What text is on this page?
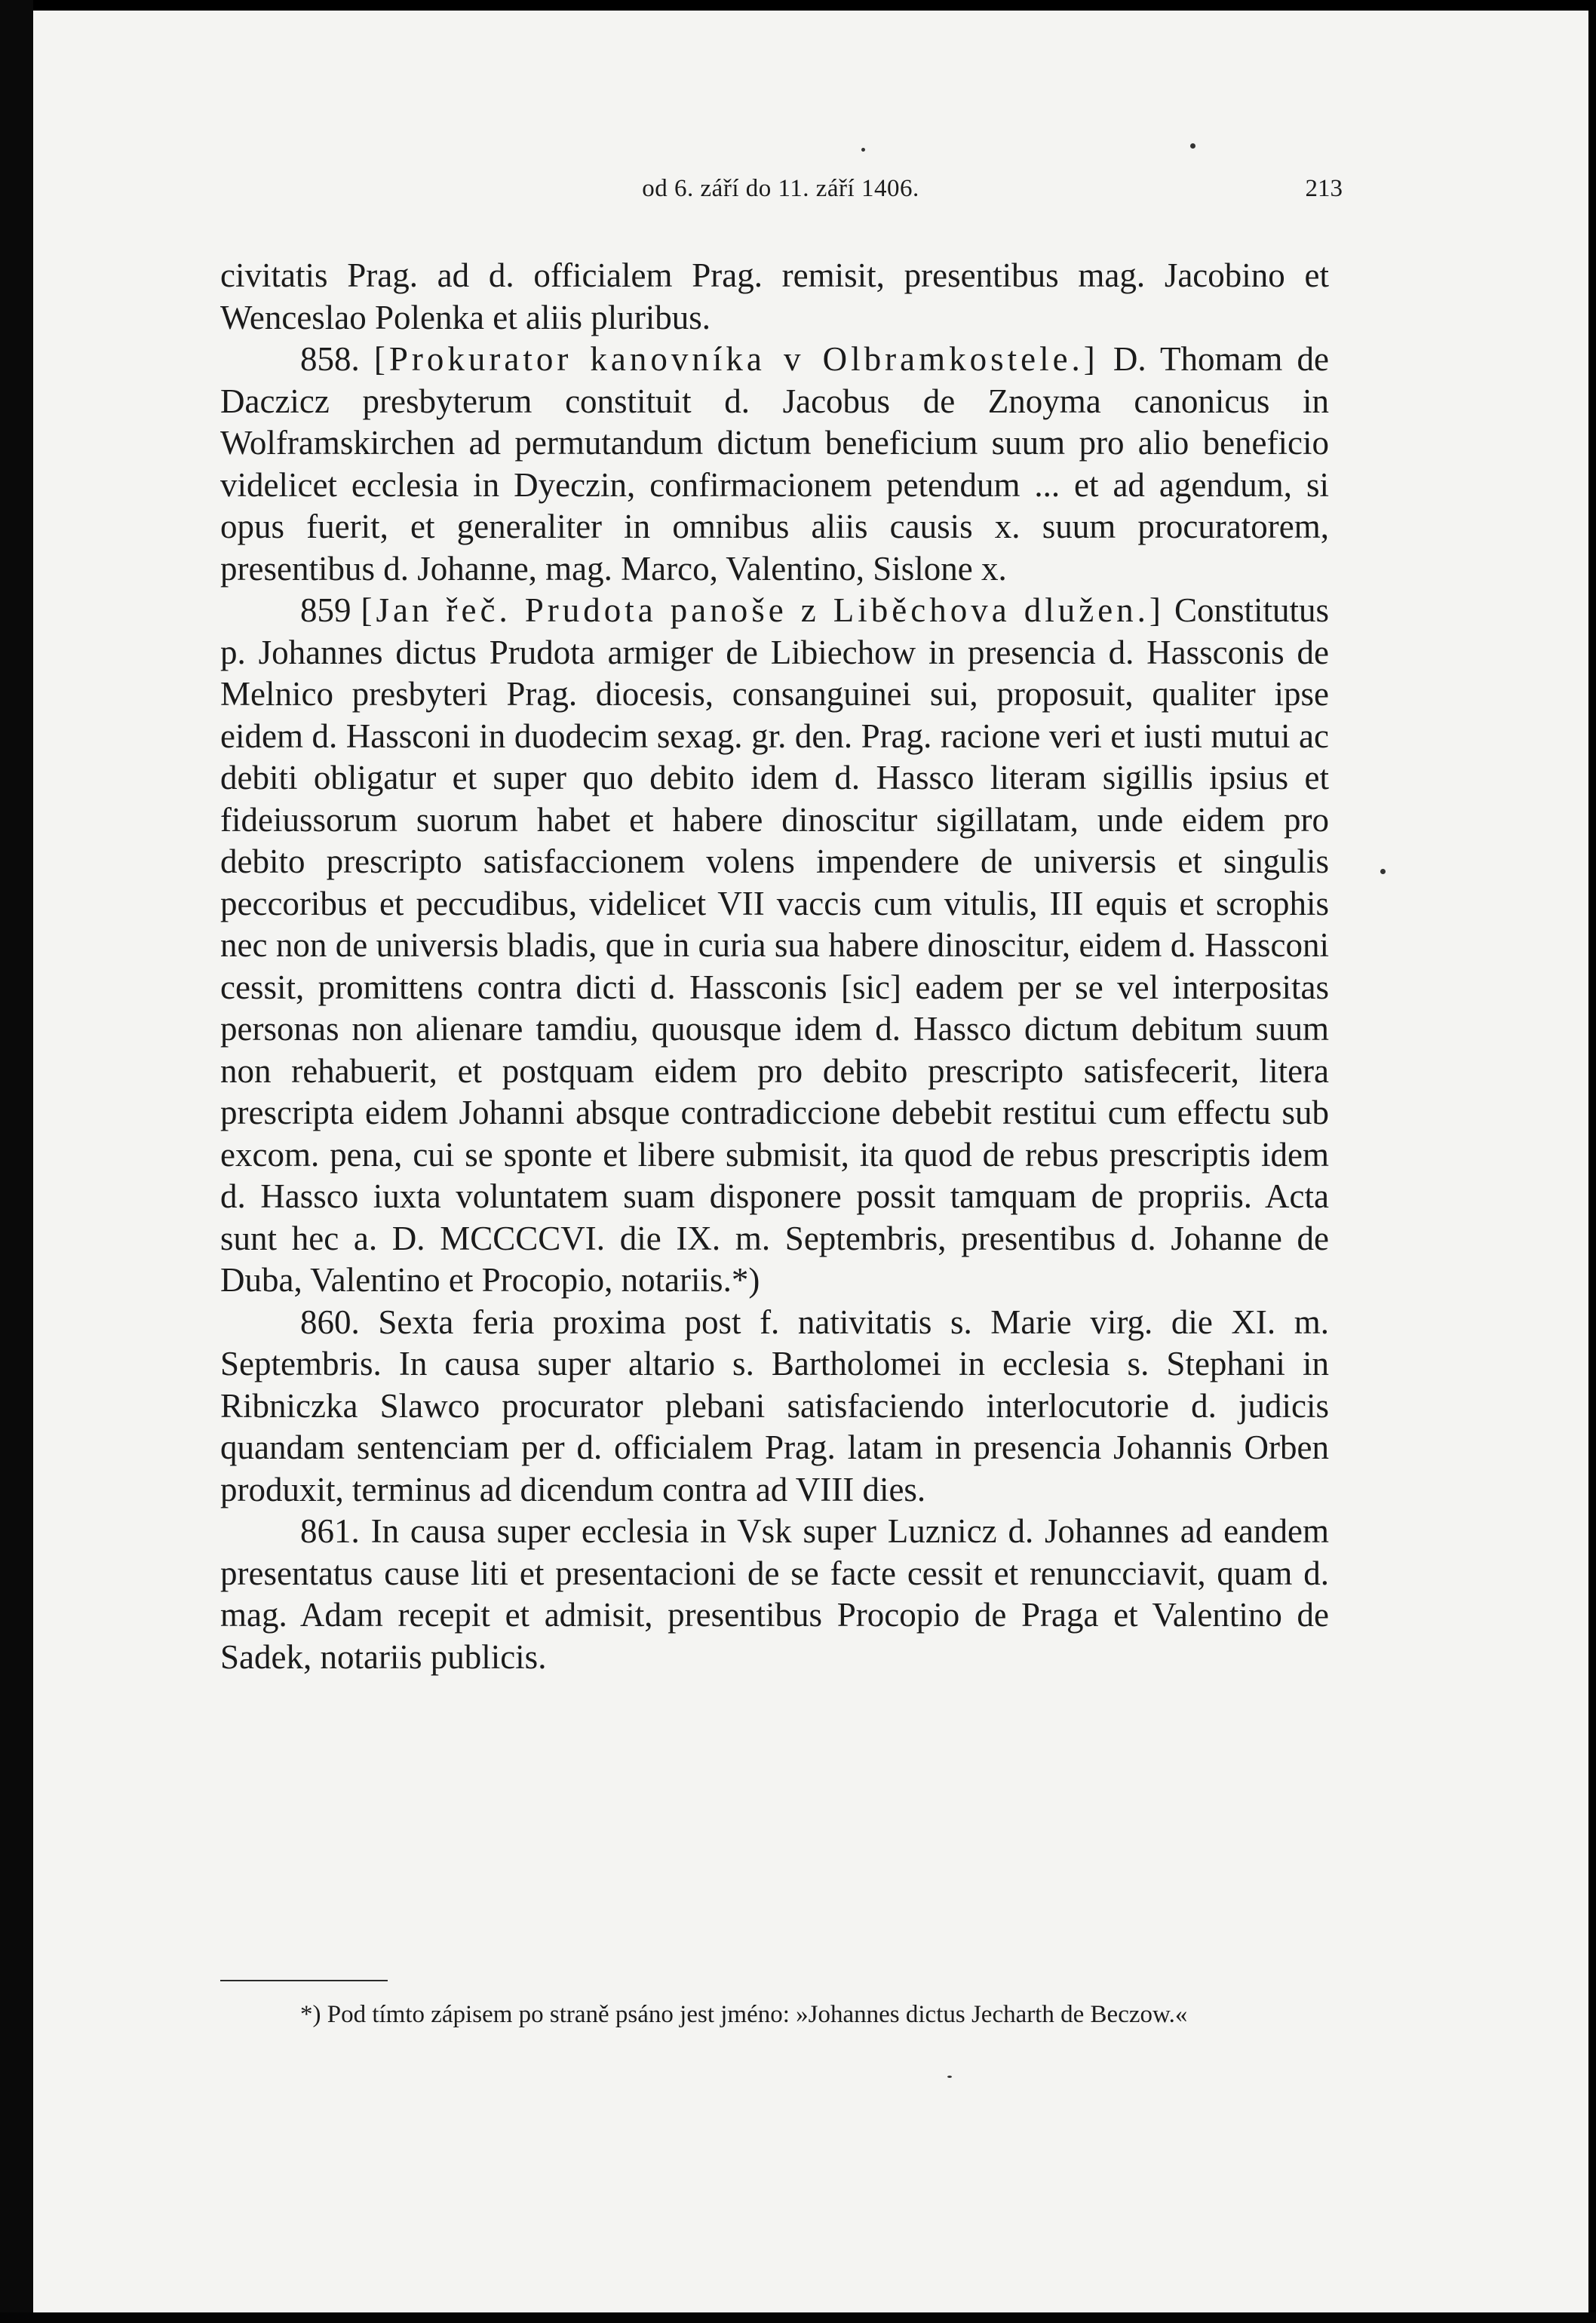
od 6. září do 11. září 1406.	213

civitatis Prag. ad d. officialem Prag. remisit, presentibus mag. Jacobino et Wenceslao Polenka et aliis pluribus.

858. [Prokurator kanovníka v Olbramkostele.] D. Thomam de Daczicz presbyterum constituit d. Jacobus de Znoyma canonicus in Wolframskirchen ad permutandum dictum beneficium suum pro alio beneficio videlicet ecclesia in Dyeczin, confirmacionem petendum ... et ad agendum, si opus fuerit, et generaliter in omnibus aliis causis x. suum procuratorem, presentibus d. Johanne, mag. Marco, Valentino, Sislone x.

859 [Jan řeč. Prudota panoše z Liběchova dlužen.] Constitutus p. Johannes dictus Prudota armiger de Libiechow in presencia d. Hassconis de Melnico presbyteri Prag. diocesis, consanguinei sui, proposuit, qualiter ipse eidem d. Hassconi in duodecim sexag. gr. den. Prag. racione veri et iusti mutui ac debiti obligatur et super quo debito idem d. Hassco literam sigillis ipsius et fideiussorum suorum habet et habere dinoscitur sigillatam, unde eidem pro debito prescripto satisfaccionem volens impendere de universis et singulis peccoribus et peccudibus, videlicet VII vaccis cum vitulis, III equis et scrophis nec non de universis bladis, que in curia sua habere dinoscitur, eidem d. Hassconi cessit, promittens contra dicti d. Hassconis [sic] eadem per se vel interpositas personas non alienare tamdiu, quousque idem d. Hassco dictum debitum suum non rehabuerit, et postquam eidem pro debito prescripto satisfecerit, litera prescripta eidem Johanni absque contradiccione debebit restitui cum effectu sub excom. pena, cui se sponte et libere submisit, ita quod de rebus prescriptis idem d. Hassco iuxta voluntatem suam disponere possit tamquam de propriis. Acta sunt hec a. D. MCCCCVI. die IX. m. Septembris, presentibus d. Johanne de Duba, Valentino et Procopio, notariis.*)

860. Sexta feria proxima post f. nativitatis s. Marie virg. die XI. m. Septembris. In causa super altario s. Bartholomei in ecclesia s. Stephani in Ribniczka Slawco procurator plebani satisfaciendo interlocutorie d. judicis quandam sentenciam per d. officialem Prag. latam in presencia Johannis Orben produxit, terminus ad dicendum contra ad VIII dies.

861. In causa super ecclesia in Vsk super Luznicz d. Johannes ad eandem presentatus cause liti et presentacioni de se facte cessit et renuncciavit, quam d. mag. Adam recepit et admisit, presentibus Procopio de Praga et Valentino de Sadek, notariis publicis.

*) Pod tímto zápisem po straně psáno jest jméno: »Johannes dictus Jecharth de Beczow.«
